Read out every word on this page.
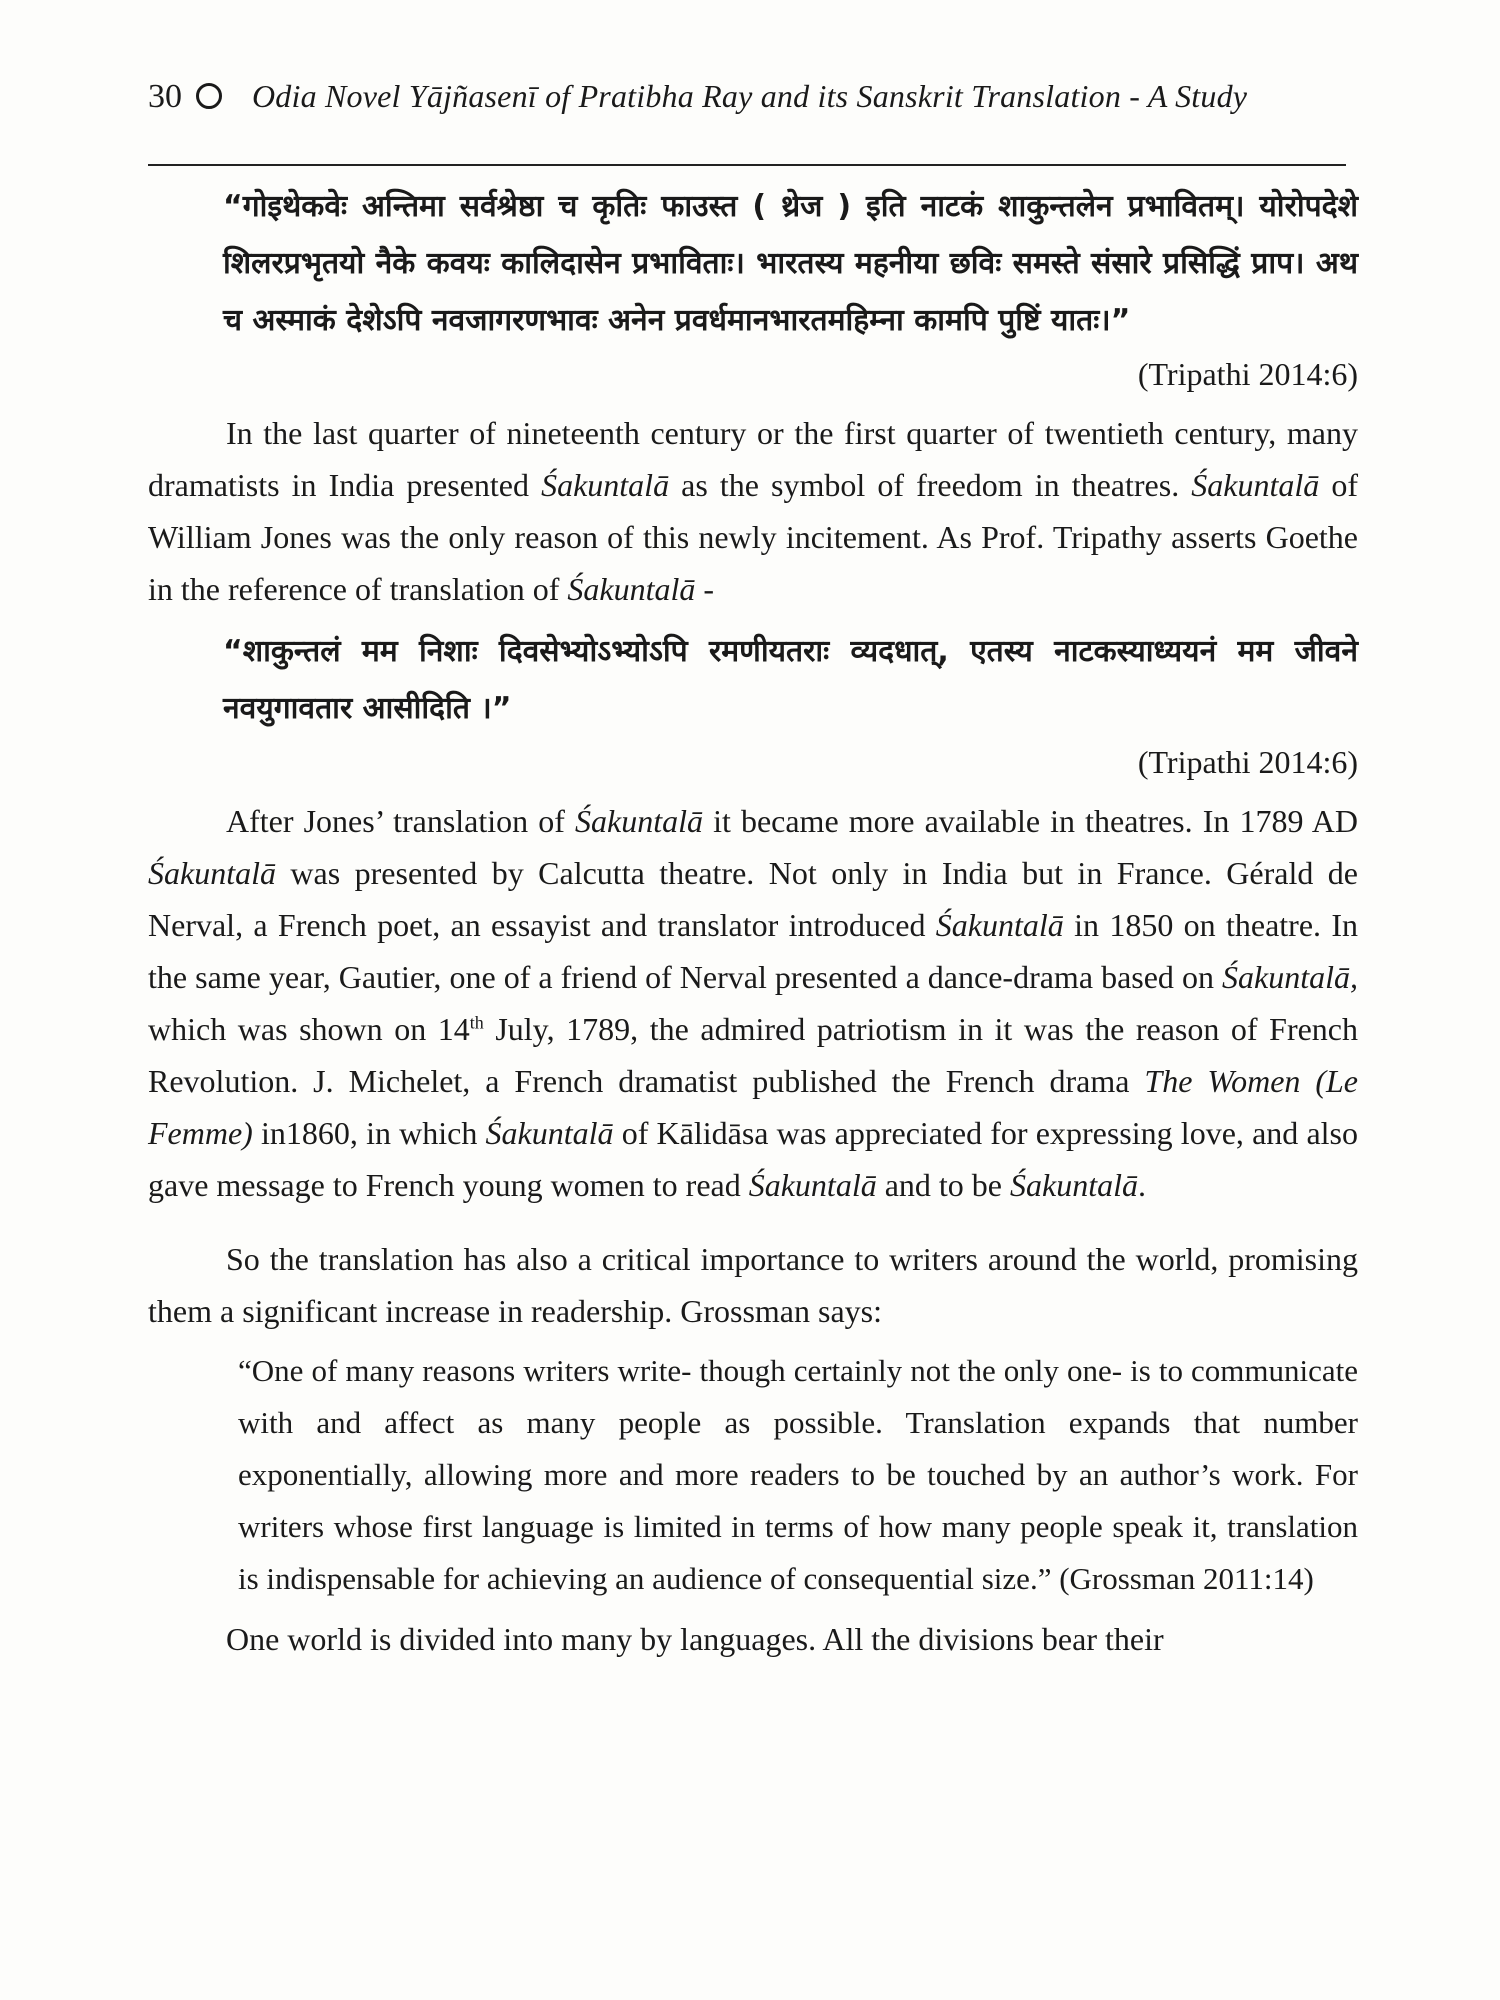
30 Odia Novel Yājñasenī of Pratibha Ray and its Sanskrit Translation - A Study

“गोइथेकवेः अन्तिमा सर्वश्रेष्ठा च कृतिः फाउस्त ( थ्रेज ) इति नाटकं शाकुन्तलेन प्रभावितम्। योरोपदेशे शिलरप्रभृतयो नैके कवयः कालिदासेन प्रभाविताः। भारतस्य महनीया छविः समस्ते संसारे प्रसिद्धिं प्राप। अथ च अस्माकं देशेऽपि नवजागरणभावः अनेन प्रवर्धमानभारतमहिम्ना कामपि पुष्टिं यातः।”

(Tripathi 2014:6)

In the last quarter of nineteenth century or the first quarter of twentieth century, many dramatists in India presented Śakuntalā as the symbol of freedom in theatres. Śakuntalā of William Jones was the only reason of this newly incitement. As Prof. Tripathy asserts Goethe in the reference of translation of Śakuntalā -

“शाकुन्तलं मम निशाः दिवसेभ्योऽभ्योऽपि रमणीयतराः व्यदधात्, एतस्य नाटकस्याध्ययनं मम जीवने नवयुगावतार आसीदिति ।”

(Tripathi 2014:6)

After Jones’ translation of Śakuntalā it became more available in theatres. In 1789 AD Śakuntalā was presented by Calcutta theatre. Not only in India but in France. Gérald de Nerval, a French poet, an essayist and translator introduced Śakuntalā in 1850 on theatre. In the same year, Gautier, one of a friend of Nerval presented a dance-drama based on Śakuntalā, which was shown on 14th July, 1789, the admired patriotism in it was the reason of French Revolution. J. Michelet, a French dramatist published the French drama The Women (Le Femme) in1860, in which Śakuntalā of Kālidāsa was appreciated for expressing love, and also gave message to French young women to read Śakuntalā and to be Śakuntalā.

So the translation has also a critical importance to writers around the world, promising them a significant increase in readership. Grossman says:

“One of many reasons writers write- though certainly not the only one- is to communicate with and affect as many people as possible. Translation expands that number exponentially, allowing more and more readers to be touched by an author’s work. For writers whose first language is limited in terms of how many people speak it, translation is indispensable for achieving an audience of consequential size.” (Grossman 2011:14)

One world is divided into many by languages. All the divisions bear their
